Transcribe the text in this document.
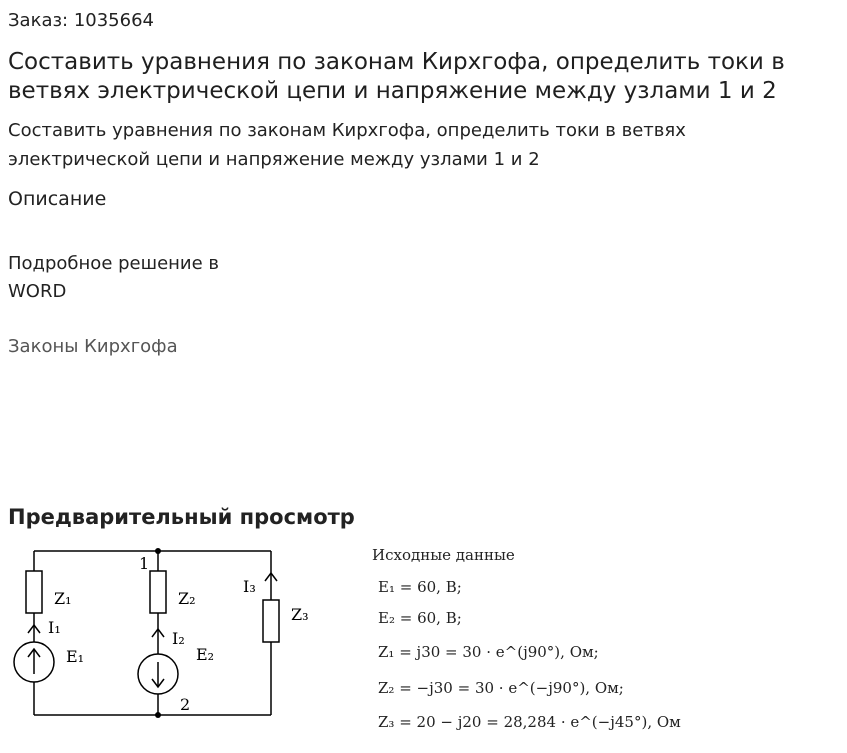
Заказ: 1035664
Составить уравнения по законам Кирхгофа, определить токи в
ветвях электрической цепи и напряжение между узлами 1 и 2
Составить уравнения по законам Кирхгофа, определить токи в ветвях
электрической цепи и напряжение между узлами 1 и 2
Описание
Подробное решение в
WORD
Законы Кирхгофа
Предварительный просмотр
Z₁	Z₂
Z₃
I₁
I₂
I₃
E₁	E₂
1
2
Исходные данные
E₁ = 60, В;
E₂ = 60, В;
Z₁ = j30 = 30 · e^(j90°), Ом;
Z₂ = −j30 = 30 · e^(−j90°), Ом;
Z₃ = 20 − j20 = 28,284 · e^(−j45°), Ом
